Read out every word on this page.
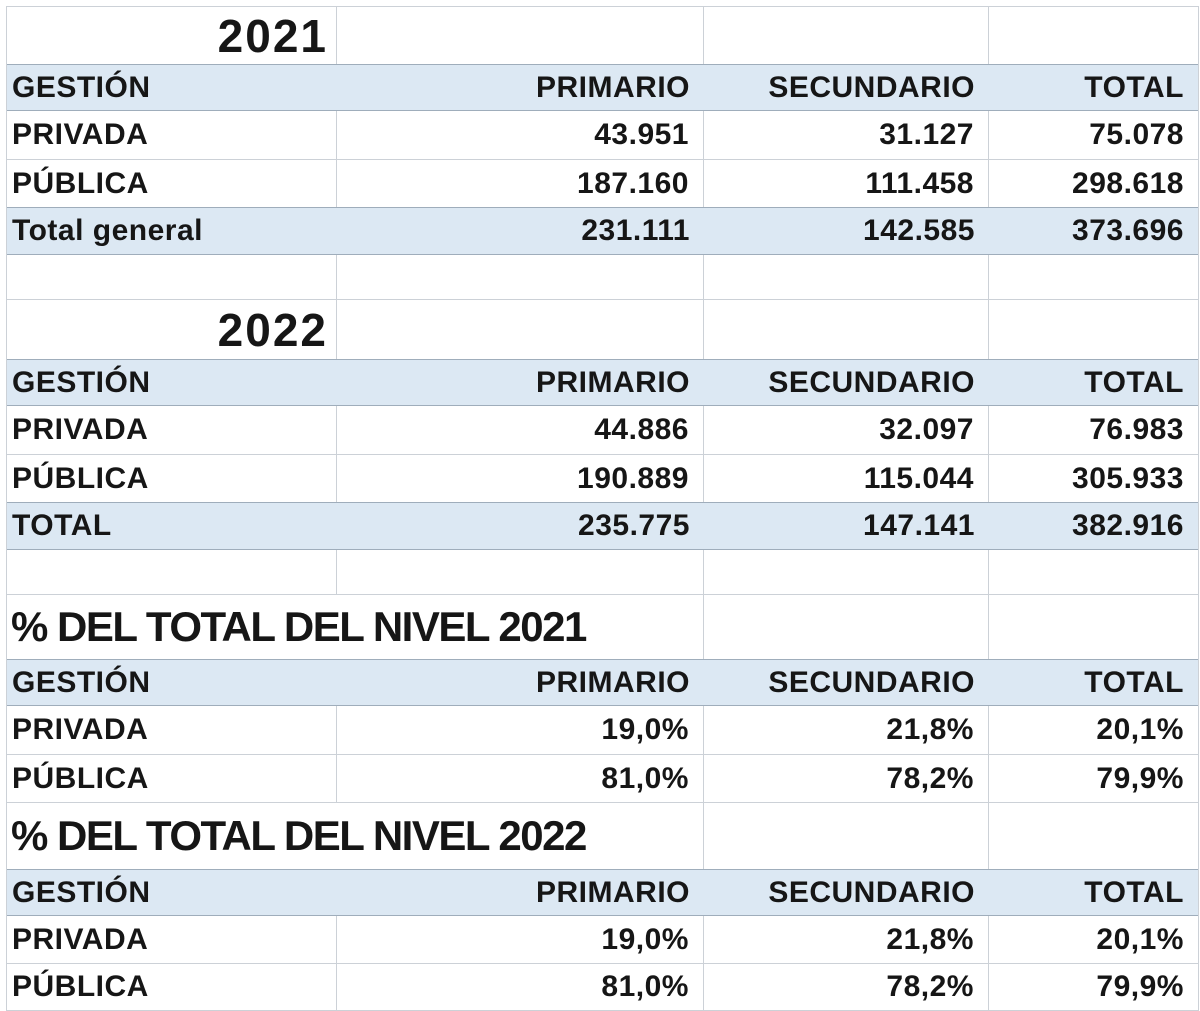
2021
GESTIÓN	PRIMARIO	SECUNDARIO	TOTAL
PRIVADA	43.951	31.127	75.078
PÚBLICA	187.160	111.458	298.618
Total general	231.111	142.585	373.696
2022
GESTIÓN	PRIMARIO	SECUNDARIO	TOTAL
PRIVADA	44.886	32.097	76.983
PÚBLICA	190.889	115.044	305.933
TOTAL	235.775	147.141	382.916
% DEL TOTAL DEL NIVEL 2021
GESTIÓN	PRIMARIO	SECUNDARIO	TOTAL
PRIVADA	19,0%	21,8%	20,1%
PÚBLICA	81,0%	78,2%	79,9%
% DEL TOTAL DEL NIVEL 2022
GESTIÓN	PRIMARIO	SECUNDARIO	TOTAL
PRIVADA	19,0%	21,8%	20,1%
PÚBLICA	81,0%	78,2%	79,9%
